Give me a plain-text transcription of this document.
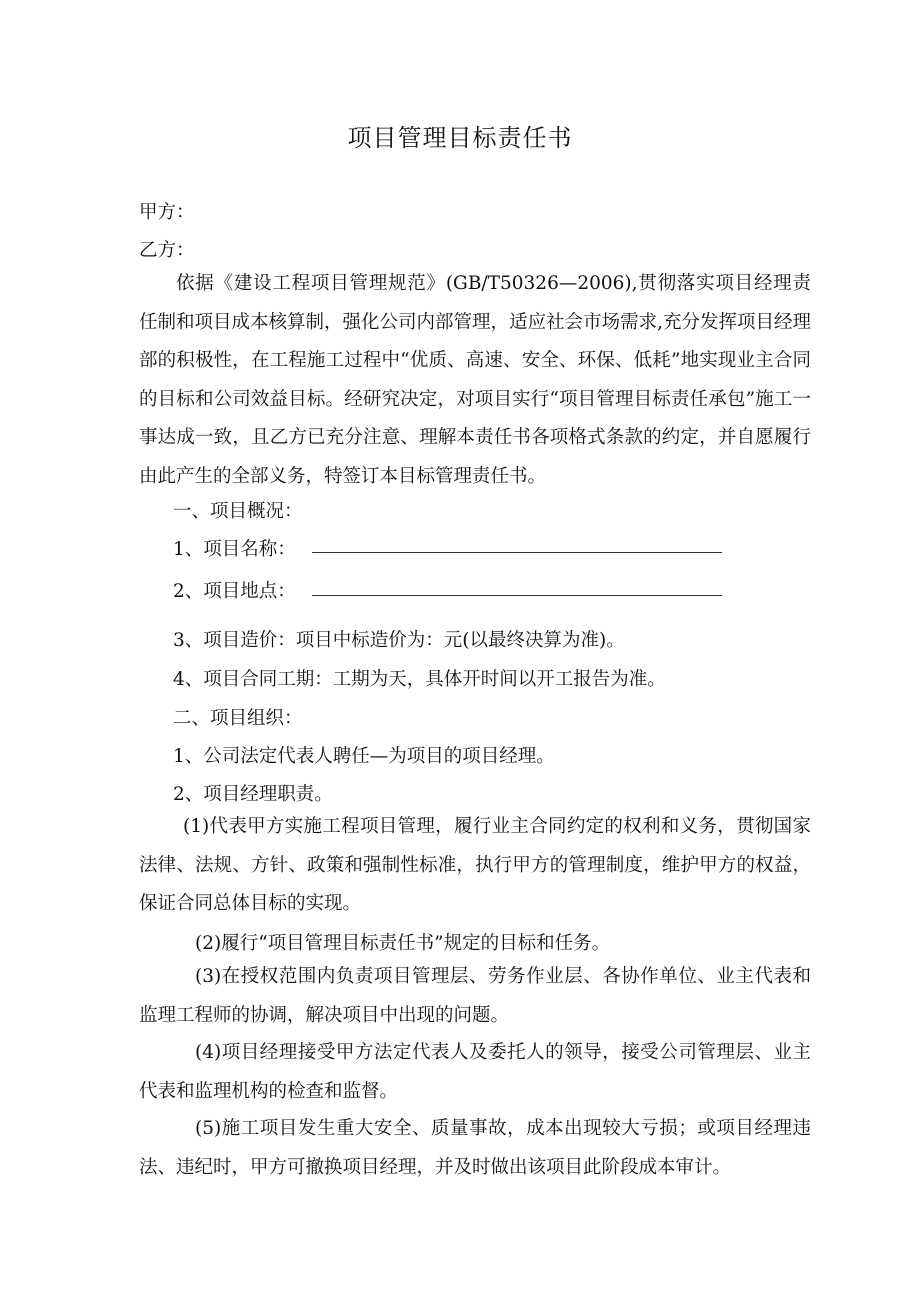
项目管理目标责任书
甲方：
乙方：
依据《建设工程项目管理规范》(GB/T50326—2006),贯彻落实项目经理责任制和项目成本核算制，强化公司内部管理，适应社会市场需求,充分发挥项目经理部的积极性，在工程施工过程中“优质、高速、安全、环保、低耗”地实现业主合同的目标和公司效益目标。经研究决定，对项目实行“项目管理目标责任承包”施工一事达成一致，且乙方已充分注意、理解本责任书各项格式条款的约定，并自愿履行由此产生的全部义务，特签订本目标管理责任书。
一、项目概况：
1、项目名称：
2、项目地点：
3、项目造价：项目中标造价为：元(以最终决算为准)。
4、项目合同工期：工期为天，具体开时间以开工报告为准。
二、项目组织：
1、公司法定代表人聘任—为项目的项目经理。
2、项目经理职责。
(1)代表甲方实施工程项目管理，履行业主合同约定的权利和义务，贯彻国家法律、法规、方针、政策和强制性标准，执行甲方的管理制度，维护甲方的权益，保证合同总体目标的实现。
(2)履行“项目管理目标责任书”规定的目标和任务。
(3)在授权范围内负责项目管理层、劳务作业层、各协作单位、业主代表和监理工程师的协调，解决项目中出现的问题。
(4)项目经理接受甲方法定代表人及委托人的领导，接受公司管理层、业主代表和监理机构的检查和监督。
(5)施工项目发生重大安全、质量事故，成本出现较大亏损；或项目经理违法、违纪时，甲方可撤换项目经理，并及时做出该项目此阶段成本审计。
